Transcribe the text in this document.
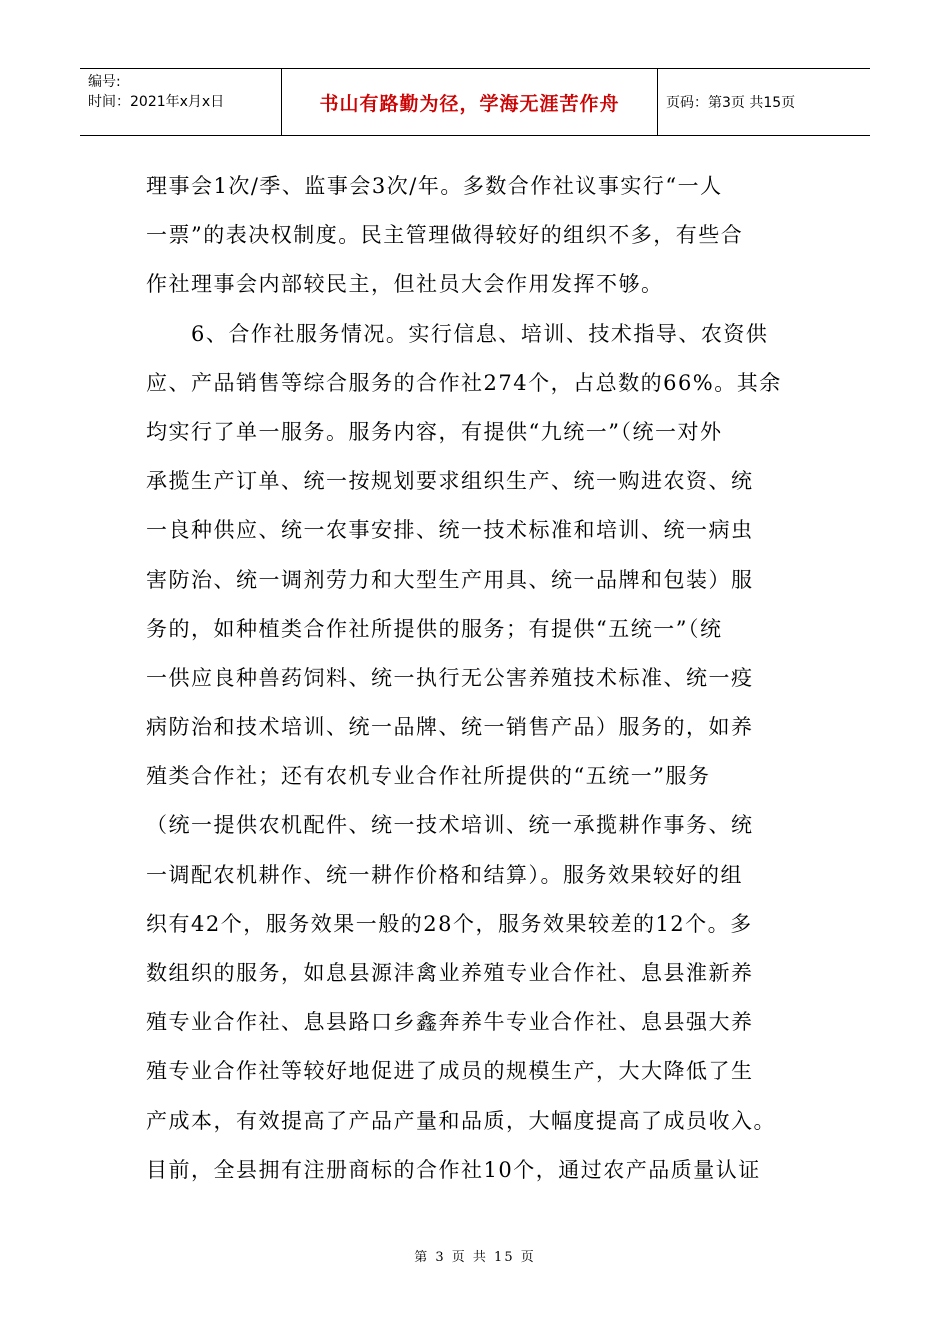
编号:
时间：2021年x月x日	书山有路勤为径，学海无涯苦作舟	页码：第3页 共15页
理事会1次/季、监事会3次/年。多数合作社议事实行“一人
一票”的表决权制度。民主管理做得较好的组织不多，有些合
作社理事会内部较民主，但社员大会作用发挥不够。
　　6、合作社服务情况。实行信息、培训、技术指导、农资供
应、产品销售等综合服务的合作社274个，占总数的66%。其余
均实行了单一服务。服务内容，有提供“九统一”（统一对外
承揽生产订单、统一按规划要求组织生产、统一购进农资、统
一良种供应、统一农事安排、统一技术标准和培训、统一病虫
害防治、统一调剂劳力和大型生产用具、统一品牌和包装）服
务的，如种植类合作社所提供的服务；有提供“五统一”（统
一供应良种兽药饲料、统一执行无公害养殖技术标准、统一疫
病防治和技术培训、统一品牌、统一销售产品）服务的，如养
殖类合作社；还有农机专业合作社所提供的“五统一”服务
（统一提供农机配件、统一技术培训、统一承揽耕作事务、统
一调配农机耕作、统一耕作价格和结算）。服务效果较好的组
织有42个，服务效果一般的28个，服务效果较差的12个。多
数组织的服务，如息县源沣禽业养殖专业合作社、息县淮新养
殖专业合作社、息县路口乡鑫奔养牛专业合作社、息县强大养
殖专业合作社等较好地促进了成员的规模生产，大大降低了生
产成本，有效提高了产品产量和品质，大幅度提高了成员收入。
目前，全县拥有注册商标的合作社10个，通过农产品质量认证
第 3 页 共 15 页
